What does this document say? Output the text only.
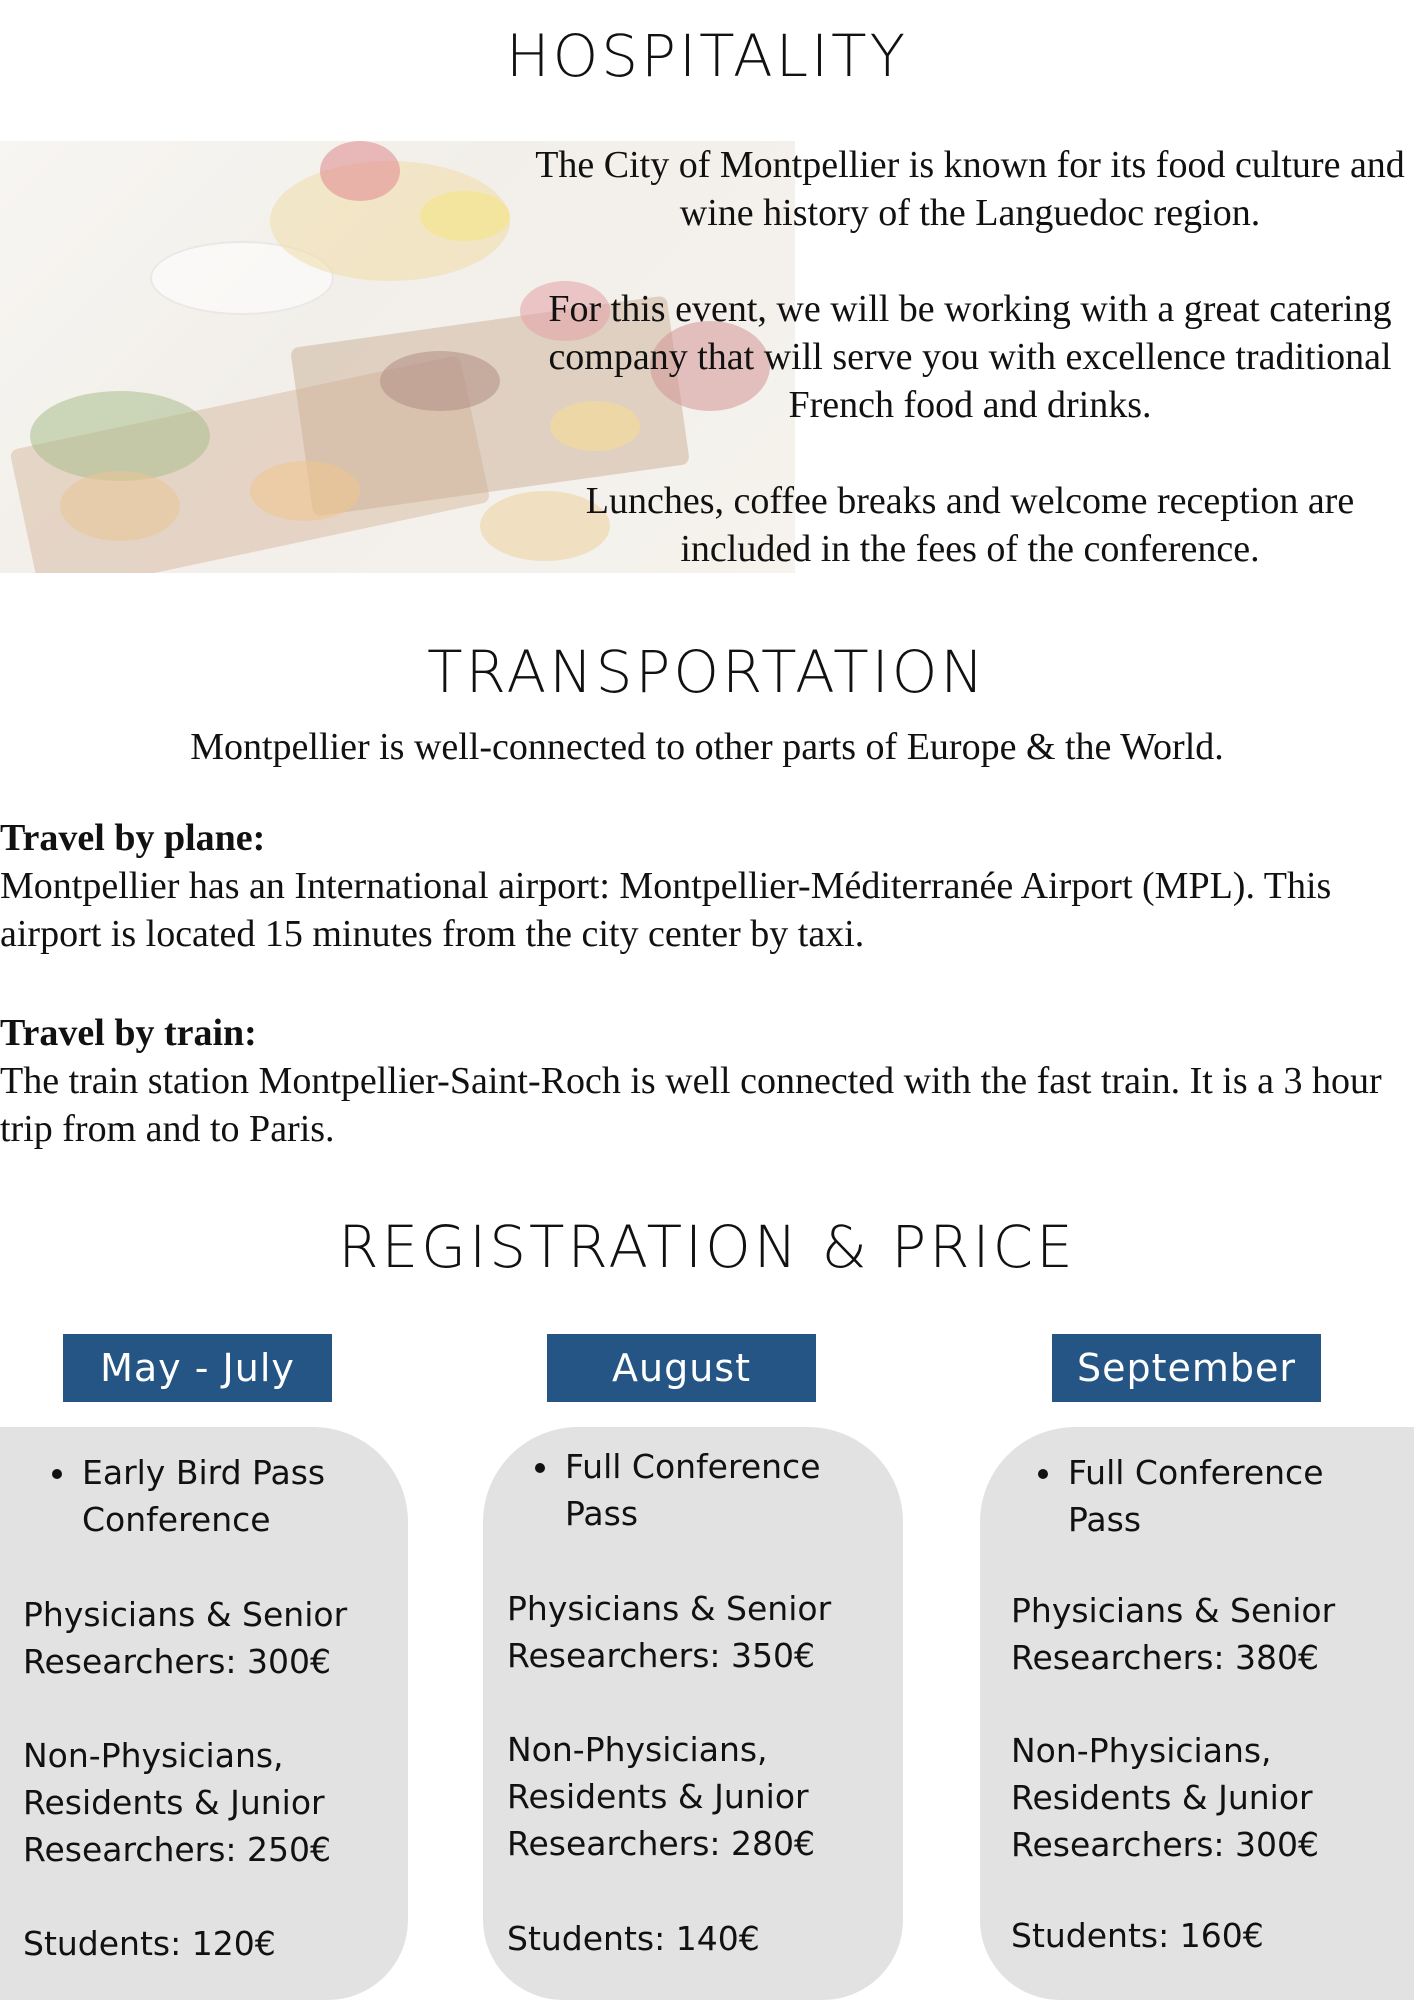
HOSPITALITY

The City of Montpellier is known for its food culture and wine history of the Languedoc region.

For this event, we will be working with a great catering company that will serve you with excellence traditional French food and drinks.

Lunches, coffee breaks and welcome reception are included in the fees of the conference.

TRANSPORTATION

Montpellier is well-connected to other parts of Europe & the World.

Travel by plane:
Montpellier has an International airport: Montpellier-Méditerranée Airport (MPL). This airport is located 15 minutes from the city center by taxi.
Travel by train:
The train station Montpellier-Saint-Roch is well connected with the fast train. It is a 3 hour trip from and to Paris.
REGISTRATION & PRICE
May - July	August	September
Early Bird Pass Conference
Physicians & Senior Researchers: 300€
Non-Physicians, Residents & Junior Researchers: 250€
Students: 120€
Full Conference Pass
Physicians & Senior Researchers: 350€
Non-Physicians, Residents & Junior Researchers: 280€
Students: 140€
Full Conference Pass
Physicians & Senior Researchers: 380€
Non-Physicians, Residents & Junior Researchers: 300€
Students: 160€
